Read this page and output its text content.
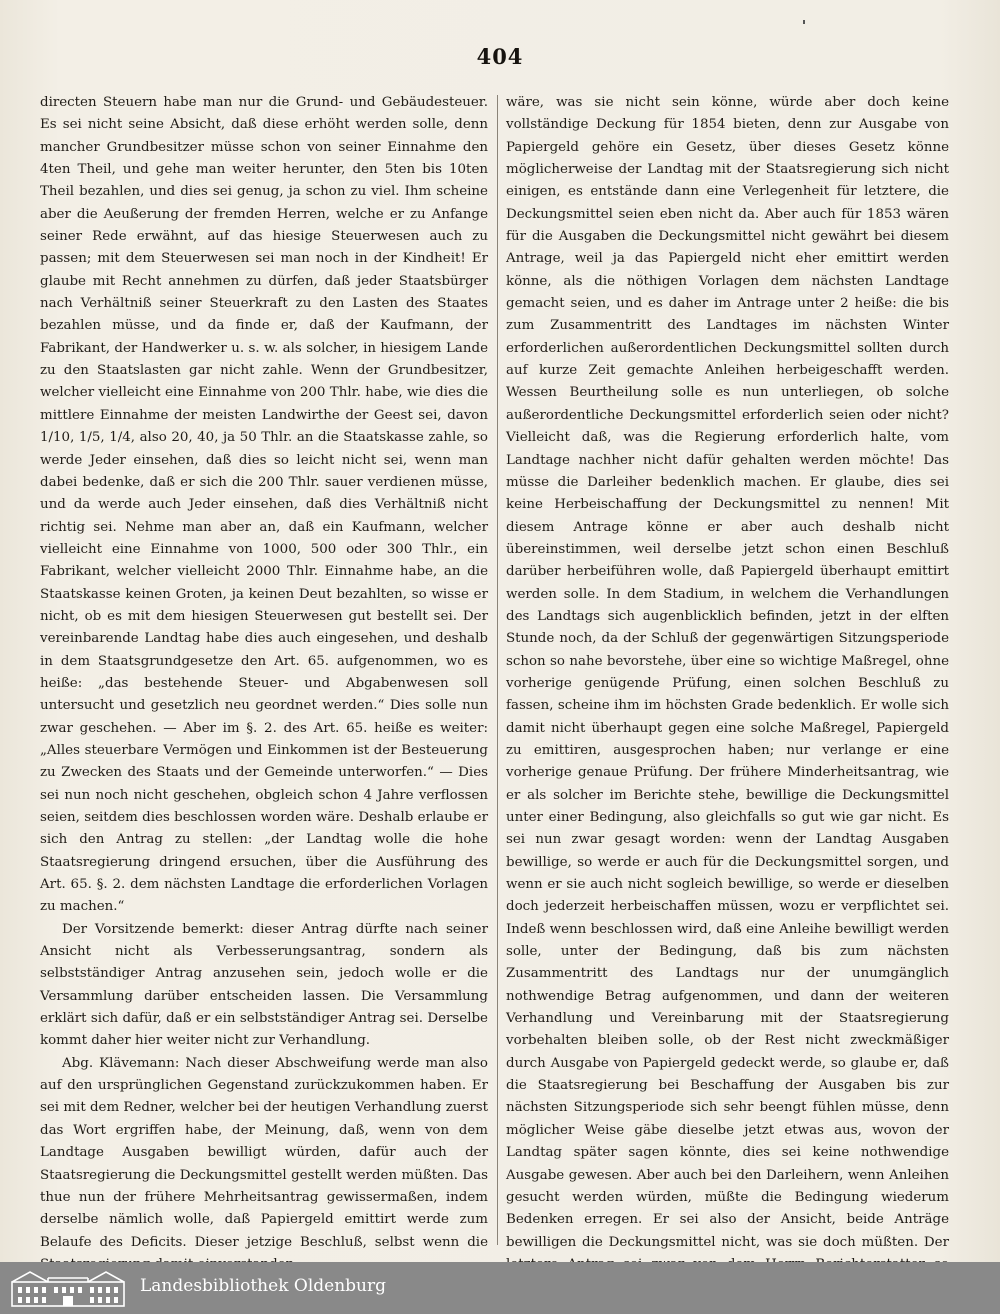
404

directen Steuern habe man nur die Grund- und Gebäudesteuer. Es sei nicht seine Absicht, daß diese erhöht werden solle, denn mancher Grundbesitzer müsse schon von seiner Einnahme den 4ten Theil, und gehe man weiter herunter, den 5ten bis 10ten Theil bezahlen, und dies sei genug, ja schon zu viel. Ihm scheine aber die Aeußerung der fremden Herren, welche er zu Anfange seiner Rede erwähnt, auf das hiesige Steuerwesen auch zu passen; mit dem Steuerwesen sei man noch in der Kindheit! Er glaube mit Recht annehmen zu dürfen, daß jeder Staatsbürger nach Verhältniß seiner Steuerkraft zu den Lasten des Staates bezahlen müsse, und da finde er, daß der Kaufmann, der Fabrikant, der Handwerker u. s. w. als solcher, in hiesigem Lande zu den Staatslasten gar nicht zahle. Wenn der Grundbesitzer, welcher vielleicht eine Einnahme von 200 Thlr. habe, wie dies die mittlere Einnahme der meisten Landwirthe der Geest sei, davon 1/10, 1/5, 1/4, also 20, 40, ja 50 Thlr. an die Staatskasse zahle, so werde Jeder einsehen, daß dies so leicht nicht sei, wenn man dabei bedenke, daß er sich die 200 Thlr. sauer verdienen müsse, und da werde auch Jeder einsehen, daß dies Verhältniß nicht richtig sei. Nehme man aber an, daß ein Kaufmann, welcher vielleicht eine Einnahme von 1000, 500 oder 300 Thlr., ein Fabrikant, welcher vielleicht 2000 Thlr. Einnahme habe, an die Staatskasse keinen Groten, ja keinen Deut bezahlten, so wisse er nicht, ob es mit dem hiesigen Steuerwesen gut bestellt sei. Der vereinbarende Landtag habe dies auch eingesehen, und deshalb in dem Staatsgrundgesetze den Art. 65. aufgenommen, wo es heiße: „das bestehende Steuer- und Abgabenwesen soll untersucht und gesetzlich neu geordnet werden.“ Dies solle nun zwar geschehen. — Aber im §. 2. des Art. 65. heiße es weiter: „Alles steuerbare Vermögen und Einkommen ist der Besteuerung zu Zwecken des Staats und der Gemeinde unterworfen.“ — Dies sei nun noch nicht geschehen, obgleich schon 4 Jahre verflossen seien, seitdem dies beschlossen worden wäre. Deshalb erlaube er sich den Antrag zu stellen: „der Landtag wolle die hohe Staatsregierung dringend ersuchen, über die Ausführung des Art. 65. §. 2. dem nächsten Landtage die erforderlichen Vorlagen zu machen.“

Der Vorsitzende bemerkt: dieser Antrag dürfte nach seiner Ansicht nicht als Verbesserungsantrag, sondern als selbstständiger Antrag anzusehen sein, jedoch wolle er die Versammlung darüber entscheiden lassen. Die Versammlung erklärt sich dafür, daß er ein selbstständiger Antrag sei. Derselbe kommt daher hier weiter nicht zur Verhandlung.

Abg. Klävemann: Nach dieser Abschweifung werde man also auf den ursprünglichen Gegenstand zurückzukommen haben. Er sei mit dem Redner, welcher bei der heutigen Verhandlung zuerst das Wort ergriffen habe, der Meinung, daß, wenn von dem Landtage Ausgaben bewilligt würden, dafür auch der Staatsregierung die Deckungsmittel gestellt werden müßten. Das thue nun der frühere Mehrheitsantrag gewissermaßen, indem derselbe nämlich wolle, daß Papiergeld emittirt werde zum Belaufe des Deficits. Dieser jetzige Beschluß, selbst wenn die

wäre, was sie nicht sein könne, würde aber doch keine vollständige Deckung für 1854 bieten, denn zur Ausgabe von Papiergeld gehöre ein Gesetz, über dieses Gesetz könne möglicherweise der Landtag mit der Staatsregierung sich nicht einigen, es entstände dann eine Verlegenheit für letztere, die Deckungsmittel seien eben nicht da. Aber auch für 1853 wären für die Ausgaben die Deckungsmittel nicht gewährt bei diesem Antrage, weil ja das Papiergeld nicht eher emittirt werden könne, als die nöthigen Vorlagen dem nächsten Landtage gemacht seien, und es daher im Antrage unter 2 heiße: die bis zum Zusammentritt des Landtages im nächsten Winter erforderlichen außerordentlichen Deckungsmittel sollten durch auf kurze Zeit gemachte Anleihen herbeigeschafft werden. Wessen Beurtheilung solle es nun unterliegen, ob solche außerordentliche Deckungsmittel erforderlich seien oder nicht? Vielleicht daß, was die Regierung erforderlich halte, vom Landtage nachher nicht dafür gehalten werden möchte! Das müsse die Darleiher bedenklich machen. Er glaube, dies sei keine Herbeischaffung der Deckungsmittel zu nennen! Mit diesem Antrage könne er aber auch deshalb nicht übereinstimmen, weil derselbe jetzt schon einen Beschluß darüber herbeiführen wolle, daß Papiergeld überhaupt emittirt werden solle. In dem Stadium, in welchem die Verhandlungen des Landtags sich augenblicklich befinden, jetzt in der elften Stunde noch, da der Schluß der gegenwärtigen Sitzungsperiode schon so nahe bevorstehe, über eine so wichtige Maßregel, ohne vorherige genügende Prüfung, einen solchen Beschluß zu fassen, scheine ihm im höchsten Grade bedenklich. Er wolle sich damit nicht überhaupt gegen eine solche Maßregel, Papiergeld zu emittiren, ausgesprochen haben; nur verlange er eine vorherige genaue Prüfung. Der frühere Minderheitsantrag, wie er als solcher im Berichte stehe, bewillige die Deckungsmittel unter einer Bedingung, also gleichfalls so gut wie gar nicht. Es sei nun zwar gesagt worden: wenn der Landtag Ausgaben bewillige, so werde er auch für die Deckungsmittel sorgen, und wenn er sie auch nicht sogleich bewillige, so werde er dieselben doch jederzeit herbeischaffen müssen, wozu er verpflichtet sei. Indeß wenn beschlossen wird, daß eine Anleihe bewilligt werden solle, unter der Bedingung, daß bis zum nächsten Zusammentritt des Landtags nur der unumgänglich nothwendige Betrag aufgenommen, und dann der weiteren Verhandlung und Vereinbarung mit der Staatsregierung vorbehalten bleiben solle, ob der Rest nicht zweckmäßiger durch Ausgabe von Papiergeld gedeckt werde, so glaube er, daß die Staatsregierung bei Beschaffung der Ausgaben bis zur nächsten Sitzungsperiode sich sehr beengt fühlen müsse, denn möglicher Weise gäbe dieselbe jetzt etwas aus, wovon der Landtag später sagen könnte, dies sei keine nothwendige Ausgabe gewesen. Aber auch bei den Darleihern, wenn Anleihen gesucht werden würden, müßte die Bedingung wiederum Bedenken erregen. Er sei also der Ansicht, beide Anträge bewilligen die Deckungsmittel nicht, was sie doch müßten. Der

Landesbibliothek Oldenburg
